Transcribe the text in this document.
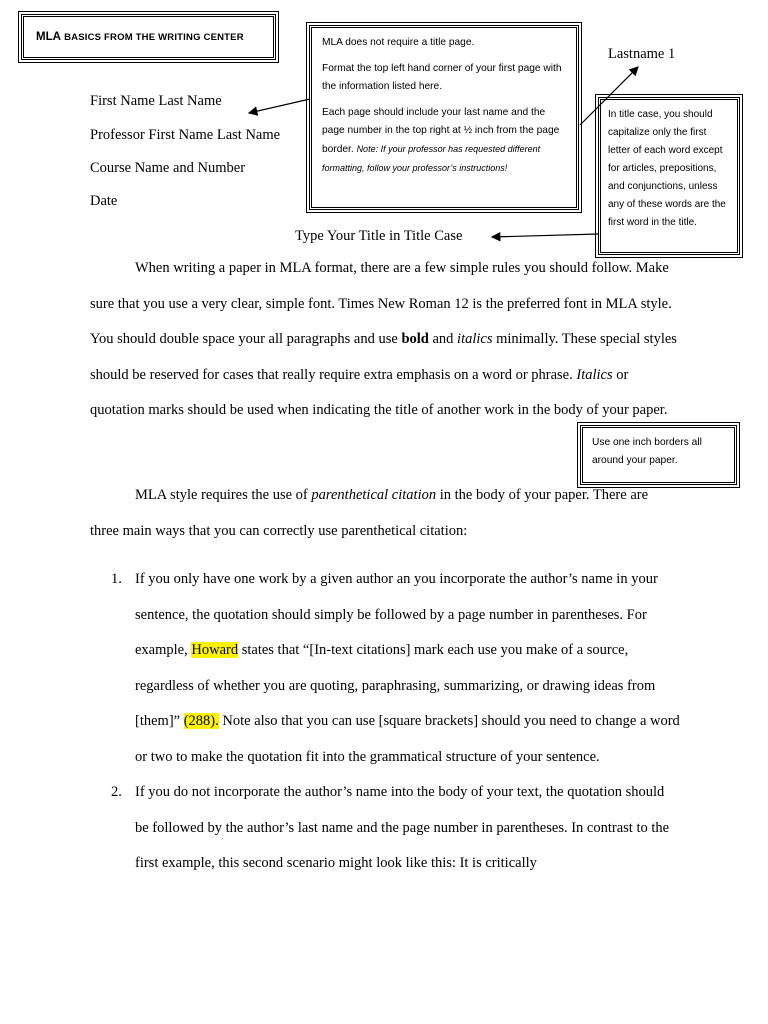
MLA
BASICS FROM THE WRITING CENTER
Lastname 1
First Name Last Name
Professor First Name Last Name
Course Name and Number
Date
MLA does not require a title page.
Format the top left hand corner of your first page with the information listed here.
Each page should include your last name and the page number in the top right at ½ inch from the page border. Note: If your professor has requested different formatting, follow your professor’s instructions!
In title case, you should capitalize only the first letter of each word except for articles, prepositions, and conjunctions, unless any of these words are the first word in the title.
Type Your Title in Title Case
When writing a paper in MLA format, there are a few simple rules you should follow. Make sure that you use a very clear, simple font. Times New Roman 12 is the preferred font in MLA style. You should double space your all paragraphs and use bold and italics minimally. These special styles should be reserved for cases that really require extra emphasis on a word or phrase. Italics or quotation marks should be used when indicating the title of another work in the body of your paper.
Use one inch borders all around your paper.
MLA style requires the use of parenthetical citation in the body of your paper. There are three main ways that you can correctly use parenthetical citation:
1. If you only have one work by a given author an you incorporate the author’s name in your sentence, the quotation should simply be followed by a page number in parentheses. For example, Howard states that “[In-text citations] mark each use you make of a source, regardless of whether you are quoting, paraphrasing, summarizing, or drawing ideas from [them]” (288). Note also that you can use [square brackets] should you need to change a word or two to make the quotation fit into the grammatical structure of your sentence.
2. If you do not incorporate the author’s name into the body of your text, the quotation should be followed by the author’s last name and the page number in parentheses. In contrast to the first example, this second scenario might look like this: It is critically
